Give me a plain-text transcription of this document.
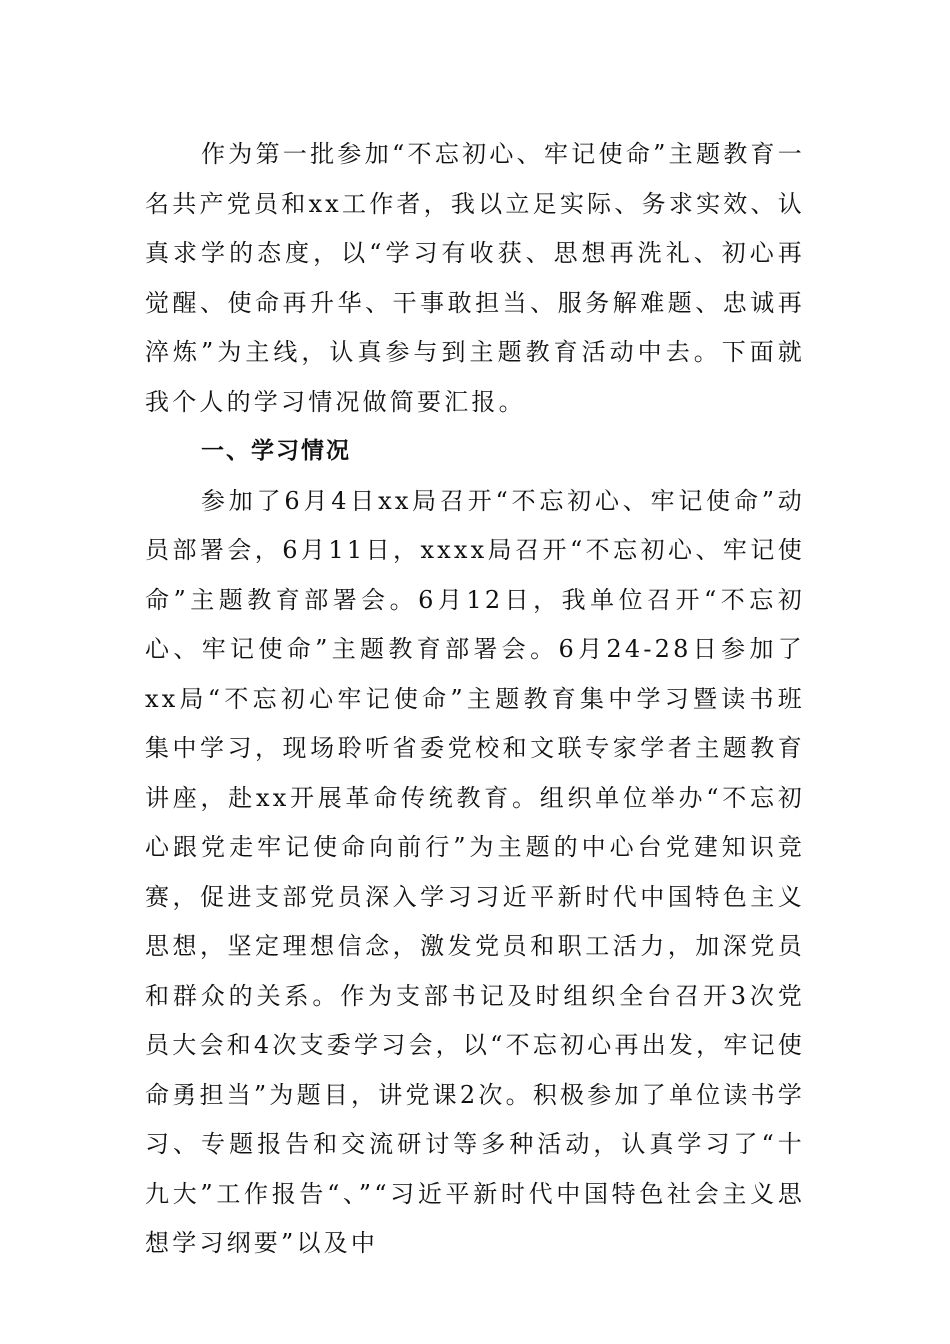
作为第一批参加“不忘初心、牢记使命”主题教育一名共产党员和xx工作者，我以立足实际、务求实效、认真求学的态度，以“学习有收获、思想再洗礼、初心再觉醒、使命再升华、干事敢担当、服务解难题、忠诚再淬炼”为主线，认真参与到主题教育活动中去。下面就我个人的学习情况做简要汇报。

一、学习情况

参加了6月4日xx局召开“不忘初心、牢记使命”动员部署会，6月11日，xxxx局召开“不忘初心、牢记使命”主题教育部署会。6月12日，我单位召开“不忘初心、牢记使命”主题教育部署会。6月24-28日参加了xx局“不忘初心牢记使命”主题教育集中学习暨读书班集中学习，现场聆听省委党校和文联专家学者主题教育讲座，赴xx开展革命传统教育。组织单位举办“不忘初心跟党走牢记使命向前行”为主题的中心台党建知识竞赛，促进支部党员深入学习习近平新时代中国特色主义思想，坚定理想信念，激发党员和职工活力，加深党员和群众的关系。作为支部书记及时组织全台召开3次党员大会和4次支委学习会，以“不忘初心再出发，牢记使命勇担当”为题目，讲党课2次。积极参加了单位读书学习、专题报告和交流研讨等多种活动，认真学习了“十九大”工作报告“、”“习近平新时代中国特色社会主义思想学习纲要”以及中
